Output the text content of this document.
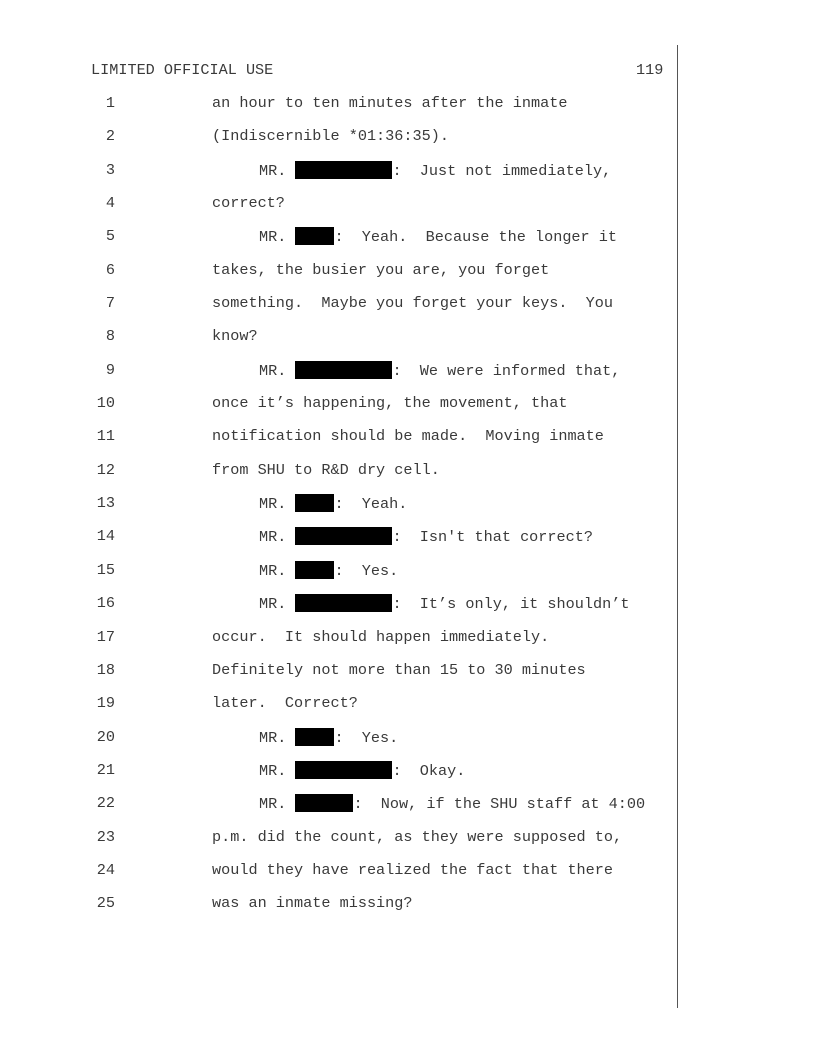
LIMITED OFFICIAL USE	119
1	an hour to ten minutes after the inmate
2	(Indiscernible *01:36:35).
3	MR.	:  Just not immediately,
4	correct?
5	MR.	:  Yeah.  Because the longer it
6	takes, the busier you are, you forget
7	something.  Maybe you forget your keys.  You
8	know?
9	MR.	:  We were informed that,
10	once it’s happening, the movement, that
11	notification should be made.  Moving inmate
12	from SHU to R&D dry cell.
13	MR.	:  Yeah.
14	MR.	:  Isn't that correct?
15	MR.	:  Yes.
16	MR.	:  It’s only, it shouldn’t
17	occur.  It should happen immediately.
18	Definitely not more than 15 to 30 minutes
19	later.  Correct?
20	MR.	:  Yes.
21	MR.	:  Okay.
22	MR.	:  Now, if the SHU staff at 4:00
23	p.m. did the count, as they were supposed to,
24	would they have realized the fact that there
25	was an inmate missing?
